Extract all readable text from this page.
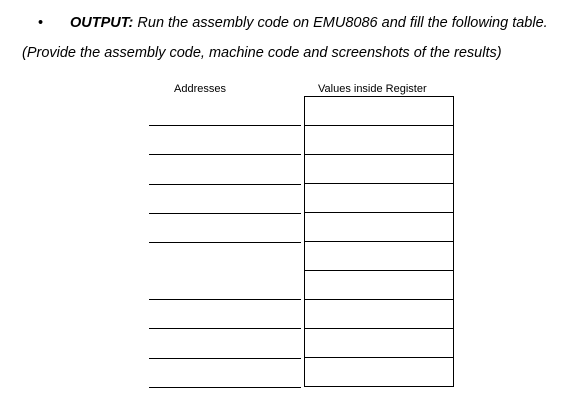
• OUTPUT: Run the assembly code on EMU8086 and fill the following table.
(Provide the assembly code, machine code and screenshots of the results)
Addresses	Values inside Register
